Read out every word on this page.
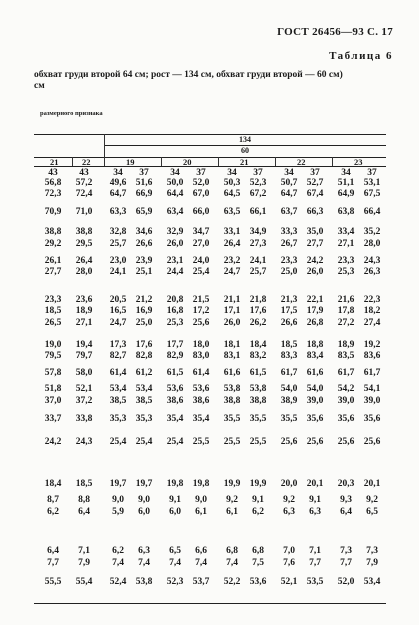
ГОСТ 26456—93 С. 17
Таблица 6
обхват груди второй 64 см; рост — 134 см, обхват груди второй — 60 см)
см
размерного признака
134
60
21	22	19	20	21	22	23
43	43	34	37	34	37	34	37	34	37	34	37
56,8	57,2	49,6 51,6	50,0 52,0	50,3 52,3	50,7 52,7	51,1 53,1
72,3	72,4	64,7 66,9	64,4 67,0	64,5 67,2	64,7 67,4	64,9 67,5
70,9	71,0	63,3 65,9	63,4 66,0	63,5 66,1	63,7 66,3	63,8 66,4
38,8	38,8	32,8 34,6	32,9 34,7	33,1 34,9	33,3 35,0	33,4 35,2
29,2	29,5	25,7 26,6	26,0 27,0	26,4 27,3	26,7 27,7	27,1 28,0
26,1	26,4	23,0 23,9	23,1 24,0	23,2 24,1	23,3 24,2	23,3 24,3
27,7	28,0	24,1 25,1	24,4 25,4	24,7 25,7	25,0 26,0	25,3 26,3
23,3	23,6	20,5 21,2	20,8 21,5	21,1 21,8	21,3 22,1	21,6 22,3
18,5	18,9	16,5 16,9	16,8 17,2	17,1 17,6	17,5 17,9	17,8 18,2
26,5	27,1	24,7 25,0	25,3 25,6	26,0 26,2	26,6 26,8	27,2 27,4
19,0	19,4	17,3 17,6	17,7 18,0	18,1 18,4	18,5 18,8	18,9 19,2
79,5	79,7	82,7 82,8	82,9 83,0	83,1 83,2	83,3 83,4	83,5 83,6
57,8	58,0	61,4 61,2	61,5 61,4	61,6 61,5	61,7 61,6	61,7 61,7
51,8	52,1	53,4 53,4	53,6 53,6	53,8 53,8	54,0 54,0	54,2 54,1
37,0	37,2	38,5 38,5	38,6 38,6	38,8 38,8	38,9 39,0	39,0 39,0
33,7	33,8	35,3 35,3	35,4 35,4	35,5 35,5	35,5 35,6	35,6 35,6
24,2	24,3	25,4 25,4	25,4 25,5	25,5 25,5	25,6 25,6	25,6 25,6
18,4	18,5	19,7 19,7	19,8 19,8	19,9 19,9	20,0 20,1	20,3 20,1
8,7	8,8	9,0	9,0	9,1	9,0	9,2	9,1	9,2	9,1	9,3	9,2
6,2	6,4	5,9	6,0	6,0	6,1	6,1	6,2	6,3	6,3	6,4	6,5
6,4	7,1	6,2	6,3	6,5	6,6	6,8	6,8	7,0	7,1	7,3	7,3
7,7	7,9	7,4	7,4	7,4	7,4	7,4	7,5	7,6	7,7	7,7	7,9
55,5	55,4	52,4 53,8	52,3 53,7	52,2 53,6	52,1 53,5	52,0 53,4
